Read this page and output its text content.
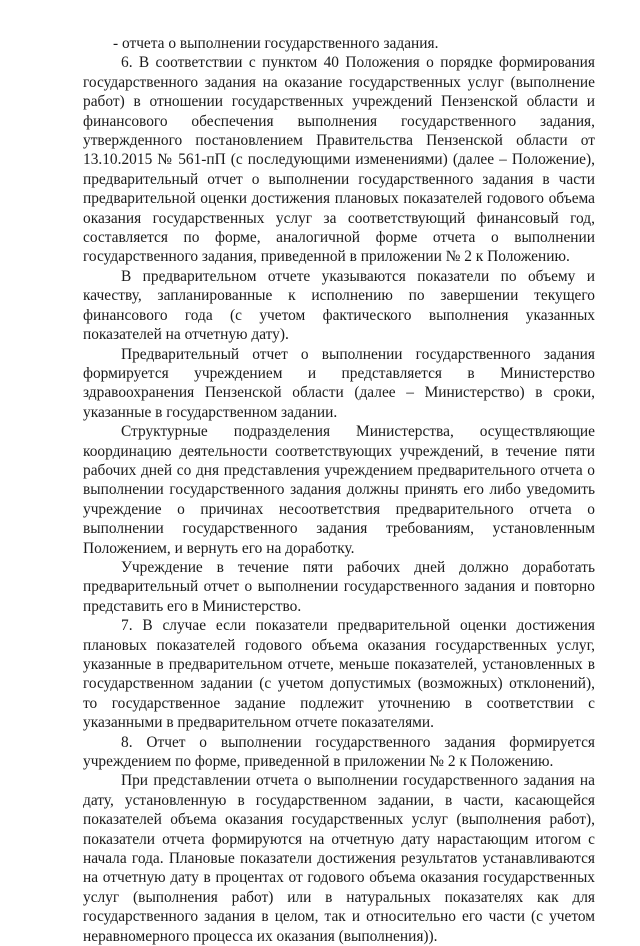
- отчета о выполнении государственного задания.

6. В соответствии с пунктом 40 Положения о порядке формирования государственного задания на оказание государственных услуг (выполнение работ) в отношении государственных учреждений Пензенской области и финансового обеспечения выполнения государственного задания, утвержденного постановлением Правительства Пензенской области от 13.10.2015 № 561-пП (с последующими изменениями) (далее – Положение), предварительный отчет о выполнении государственного задания в части предварительной оценки достижения плановых показателей годового объема оказания государственных услуг за соответствующий финансовый год, составляется по форме, аналогичной форме отчета о выполнении государственного задания, приведенной в приложении № 2 к Положению.

В предварительном отчете указываются показатели по объему и качеству, запланированные к исполнению по завершении текущего финансового года (с учетом фактического выполнения указанных показателей на отчетную дату).

Предварительный отчет о выполнении государственного задания формируется учреждением и представляется в Министерство здравоохранения Пензенской области (далее – Министерство) в сроки, указанные в государственном задании.

Структурные подразделения Министерства, осуществляющие координацию деятельности соответствующих учреждений, в течение пяти рабочих дней со дня представления учреждением предварительного отчета о выполнении государственного задания должны принять его либо уведомить учреждение о причинах несоответствия предварительного отчета о выполнении государственного задания требованиям, установленным Положением, и вернуть его на доработку.

Учреждение в течение пяти рабочих дней должно доработать предварительный отчет о выполнении государственного задания и повторно представить его в Министерство.

7. В случае если показатели предварительной оценки достижения плановых показателей годового объема оказания государственных услуг, указанные в предварительном отчете, меньше показателей, установленных в государственном задании (с учетом допустимых (возможных) отклонений), то государственное задание подлежит уточнению в соответствии с указанными в предварительном отчете показателями.

8. Отчет о выполнении государственного задания формируется учреждением по форме, приведенной в приложении № 2 к Положению.

При представлении отчета о выполнении государственного задания на дату, установленную в государственном задании, в части, касающейся показателей объема оказания государственных услуг (выполнения работ), показатели отчета формируются на отчетную дату нарастающим итогом с начала года. Плановые показатели достижения результатов устанавливаются на отчетную дату в процентах от годового объема оказания государственных услуг (выполнения работ) или в натуральных показателях как для государственного задания в целом, так и относительно его части (с учетом неравномерного процесса их оказания (выполнения)).
